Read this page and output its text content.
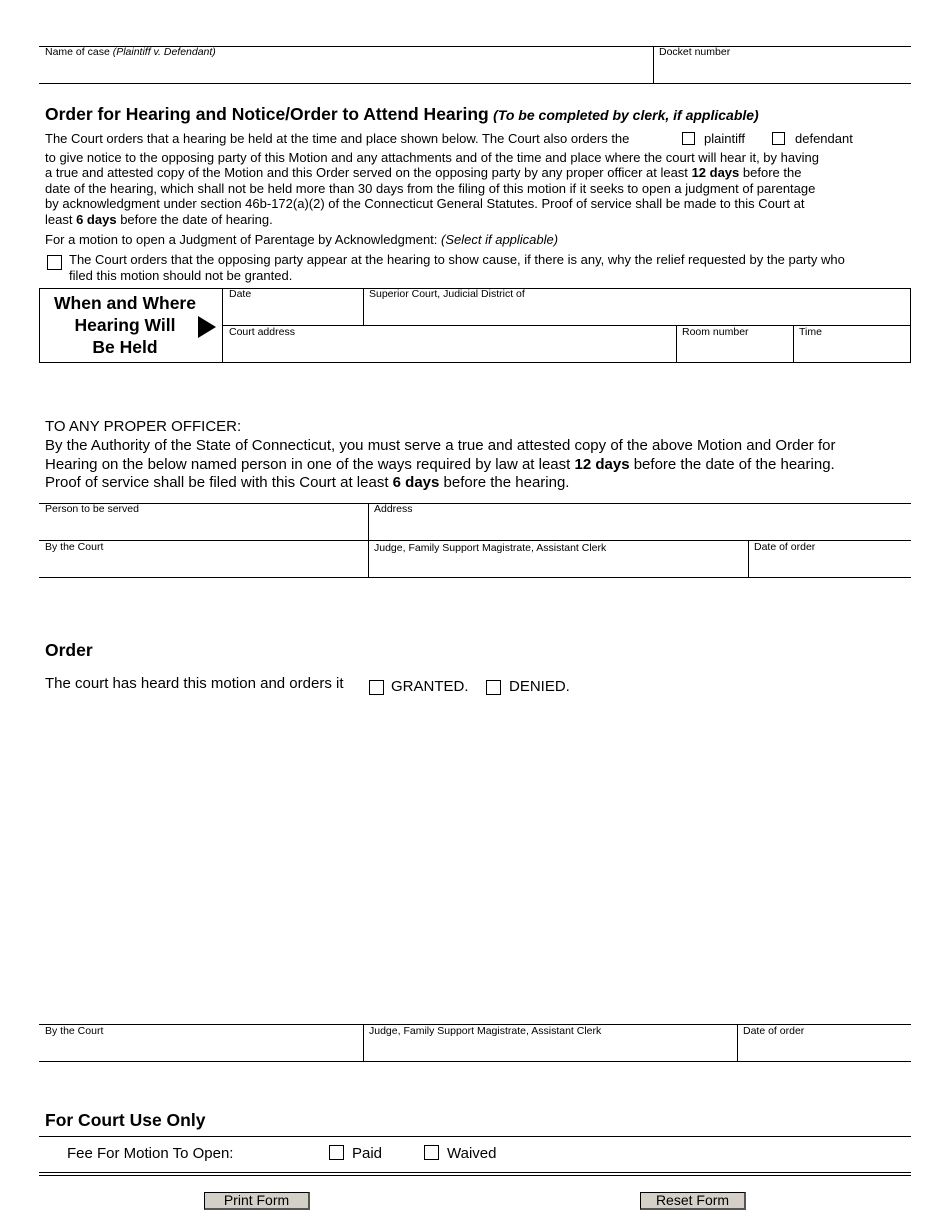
Name of case (Plaintiff v. Defendant)	Docket number
Order for Hearing and Notice/Order to Attend Hearing (To be completed by clerk, if applicable)
The Court orders that a hearing be held at the time and place shown below. The Court also orders the	plaintiff	defendant
to give notice to the opposing party of this Motion and any attachments and of the time and place where the court will hear it, by having
a true and attested copy of the Motion and this Order served on the opposing party by any proper officer at least 12 days before the
date of the hearing, which shall not be held more than 30 days from the filing of this motion if it seeks to open a judgment of parentage
by acknowledgment under section 46b-172(a)(2) of the Connecticut General Statutes. Proof of service shall be made to this Court at
least 6 days before the date of hearing.
For a motion to open a Judgment of Parentage by Acknowledgment: (Select if applicable)
The Court orders that the opposing party appear at the hearing to show cause, if there is any, why the relief requested by the party who
filed this motion should not be granted.
When and Where
Hearing Will
Be Held
Date	Superior Court, Judicial District of
Court address	Room number	Time
TO ANY PROPER OFFICER:
By the Authority of the State of Connecticut, you must serve a true and attested copy of the above Motion and Order for
Hearing on the below named person in one of the ways required by law at least 12 days before the date of the hearing.
Proof of service shall be filed with this Court at least 6 days before the hearing.
Person to be served	Address
By the Court	Judge, Family Support Magistrate, Assistant Clerk	Date of order
Order
The court has heard this motion and orders it	GRANTED.	DENIED.
By the Court	Judge, Family Support Magistrate, Assistant Clerk	Date of order
For Court Use Only
Fee For Motion To Open:	Paid	Waived
Print Form	Reset Form
